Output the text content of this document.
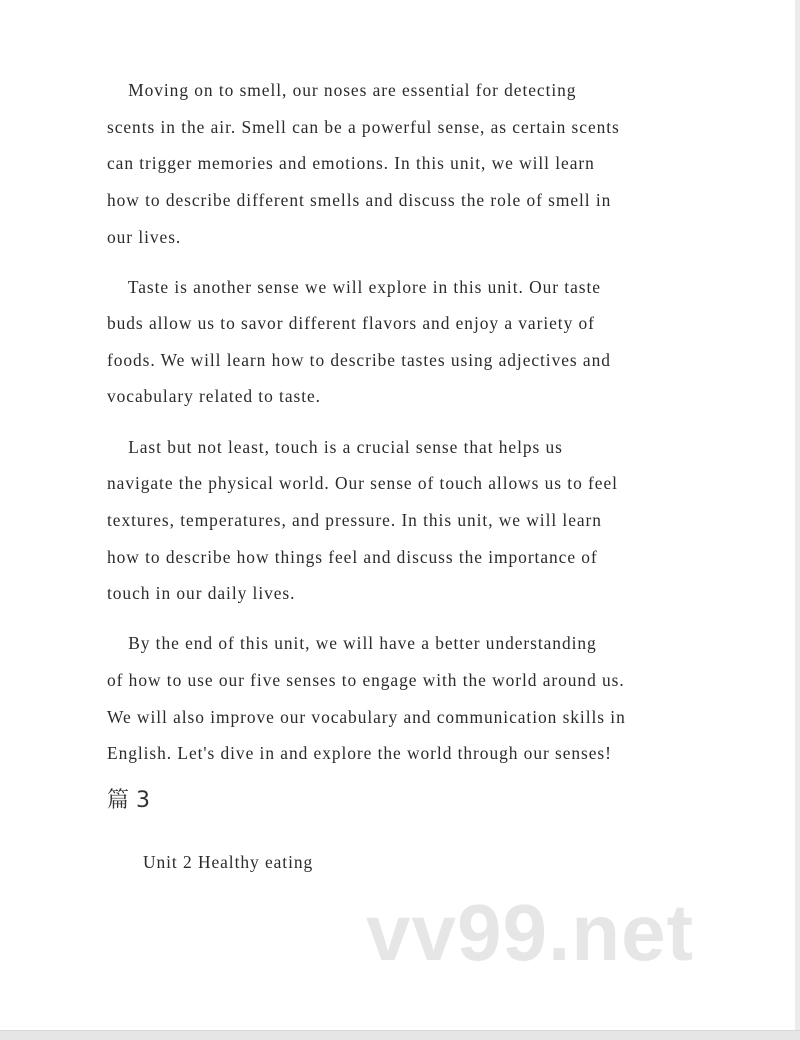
Moving on to smell, our noses are essential for detecting
scents in the air. Smell can be a powerful sense, as certain scents
can trigger memories and emotions. In this unit, we will learn
how to describe different smells and discuss the role of smell in
our lives.
Taste is another sense we will explore in this unit. Our taste
buds allow us to savor different flavors and enjoy a variety of
foods. We will learn how to describe tastes using adjectives and
vocabulary related to taste.
Last but not least, touch is a crucial sense that helps us
navigate the physical world. Our sense of touch allows us to feel
textures, temperatures, and pressure. In this unit, we will learn
how to describe how things feel and discuss the importance of
touch in our daily lives.
By the end of this unit, we will have a better understanding
of how to use our five senses to engage with the world around us.
We will also improve our vocabulary and communication skills in
English. Let's dive in and explore the world through our senses!
篇 3
Unit 2 Healthy eating
vv99.net
